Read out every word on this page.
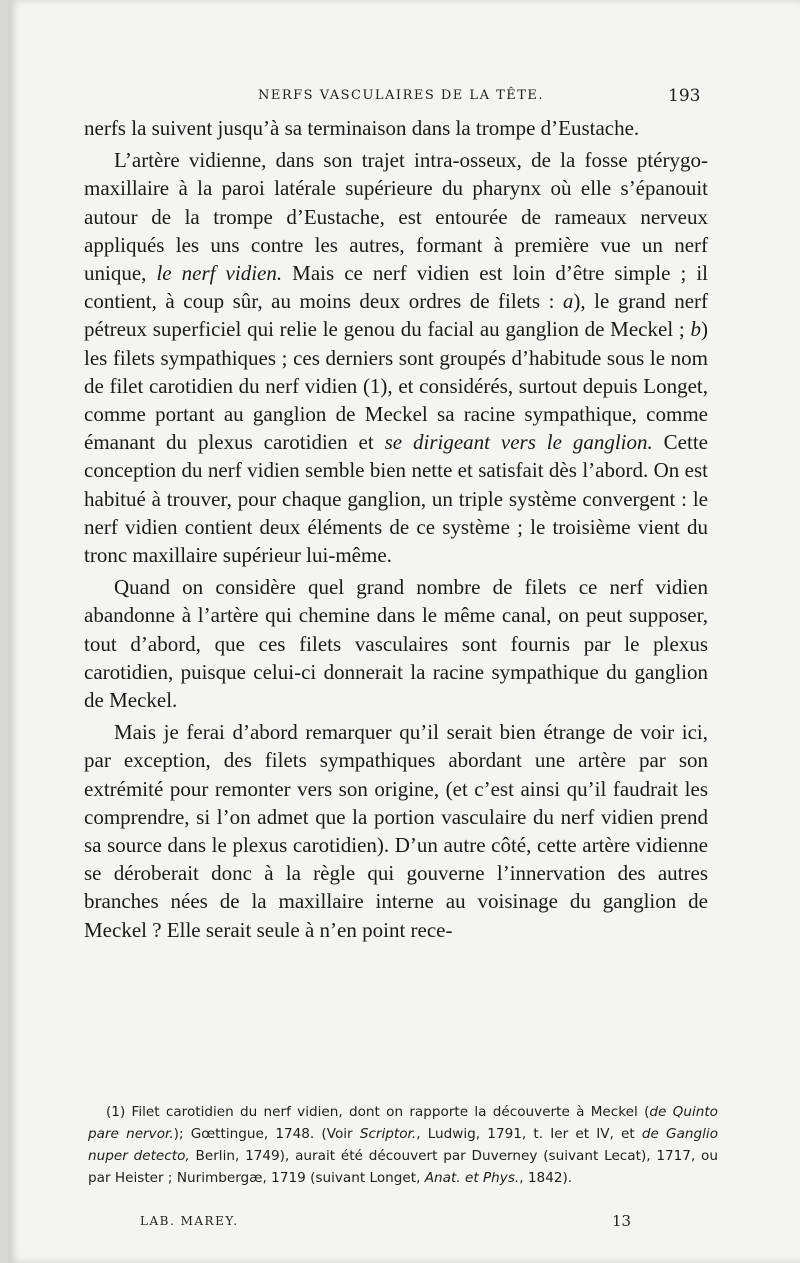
NERFS VASCULAIRES DE LA TÊTE.	193

nerfs la suivent jusqu’à sa terminaison dans la trompe d’Eustache.

L’artère vidienne, dans son trajet intra-osseux, de la fosse ptérygo-maxillaire à la paroi latérale supérieure du pharynx où elle s’épanouit autour de la trompe d’Eustache, est entourée de rameaux nerveux appliqués les uns contre les autres, formant à première vue un nerf unique, le nerf vidien. Mais ce nerf vidien est loin d’être simple ; il contient, à coup sûr, au moins deux ordres de filets : a), le grand nerf pétreux superficiel qui relie le genou du facial au ganglion de Meckel ; b) les filets sympathiques ; ces derniers sont groupés d’habitude sous le nom de filet carotidien du nerf vidien (1), et considérés, surtout depuis Longet, comme portant au ganglion de Meckel sa racine sympathique, comme émanant du plexus carotidien et se dirigeant vers le ganglion. Cette conception du nerf vidien semble bien nette et satisfait dès l’abord. On est habitué à trouver, pour chaque ganglion, un triple système convergent : le nerf vidien contient deux éléments de ce système ; le troisième vient du tronc maxillaire supérieur lui-même.

Quand on considère quel grand nombre de filets ce nerf vidien abandonne à l’artère qui chemine dans le même canal, on peut supposer, tout d’abord, que ces filets vasculaires sont fournis par le plexus carotidien, puisque celui-ci donnerait la racine sympathique du ganglion de Meckel.

Mais je ferai d’abord remarquer qu’il serait bien étrange de voir ici, par exception, des filets sympathiques abordant une artère par son extrémité pour remonter vers son origine, (et c’est ainsi qu’il faudrait les comprendre, si l’on admet que la portion vasculaire du nerf vidien prend sa source dans le plexus carotidien). D’un autre côté, cette artère vidienne se déroberait donc à la règle qui gouverne l’innervation des autres branches nées de la maxillaire interne au voisinage du ganglion de Meckel ? Elle serait seule à n’en point rece-

(1) Filet carotidien du nerf vidien, dont on rapporte la découverte à Meckel (de Quinto pare nervor.); Gœttingue, 1748. (Voir Scriptor., Ludwig, 1791, t. Ier et IV, et de Ganglio nuper detecto, Berlin, 1749), aurait été découvert par Duverney (suivant Lecat), 1717, ou par Heister ; Nurimbergæ, 1719 (suivant Longet, Anat. et Phys., 1842).

LAB. MAREY.	13
